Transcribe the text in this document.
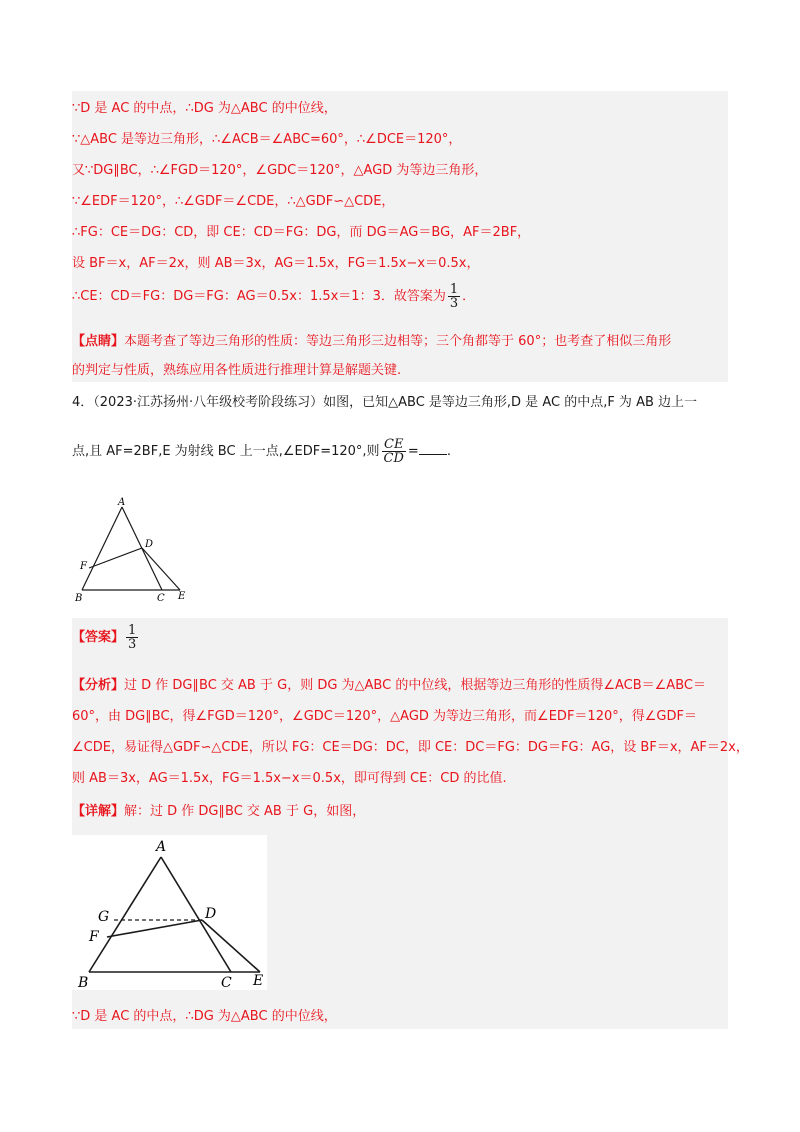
∵D 是 AC 的中点，∴DG 为△ABC 的中位线，
∵△ABC 是等边三角形，∴∠ACB＝∠ABC=60°，∴∠DCE＝120°，
又∵DG∥BC，∴∠FGD＝120°，∠GDC＝120°，△AGD 为等边三角形，
∵∠EDF＝120°，∴∠GDF＝∠CDE，∴△GDF∽△CDE，
∴FG：CE＝DG：CD，即 CE：CD＝FG：DG，而 DG＝AG＝BG，AF＝2BF，
设 BF＝x，AF＝2x，则 AB＝3x，AG＝1.5x，FG＝1.5x−x＝0.5x，
∴CE：CD＝FG：DG＝FG：AG＝0.5x：1.5x＝1：3．故答案为 $\frac{1}{3}$ ．
【点睛】本题考查了等边三角形的性质：等边三角形三边相等；三个角都等于 60°；也考查了相似三角形
的判定与性质，熟练应用各性质进行推理计算是解题关键.
4．（2023·江苏扬州·八年级校考阶段练习）如图，已知△ABC 是等边三角形,D 是 AC 的中点,F 为 AB 边上一
点,且 AF=2BF,E 为射线 BC 上一点,∠EDF=120°,则 $\frac{CE}{CD}$ = .
A
D
F
B	C E
【答案】 $\frac{1}{3}$
【分析】过 D 作 DG∥BC 交 AB 于 G，则 DG 为△ABC 的中位线，根据等边三角形的性质得∠ACB＝∠ABC＝
60°，由 DG∥BC，得∠FGD＝120°，∠GDC＝120°，△AGD 为等边三角形，而∠EDF＝120°，得∠GDF＝
∠CDE，易证得△GDF∽△CDE，所以 FG：CE＝DG：DC，即 CE：DC＝FG：DG＝FG：AG，设 BF＝x，AF＝2x，
则 AB＝3x，AG＝1.5x，FG＝1.5x−x＝0.5x，即可得到 CE：CD 的比值.
【详解】解：过 D 作 DG∥BC 交 AB 于 G，如图，
A
G	D
F
B	C E
∵D 是 AC 的中点，∴DG 为△ABC 的中位线，
